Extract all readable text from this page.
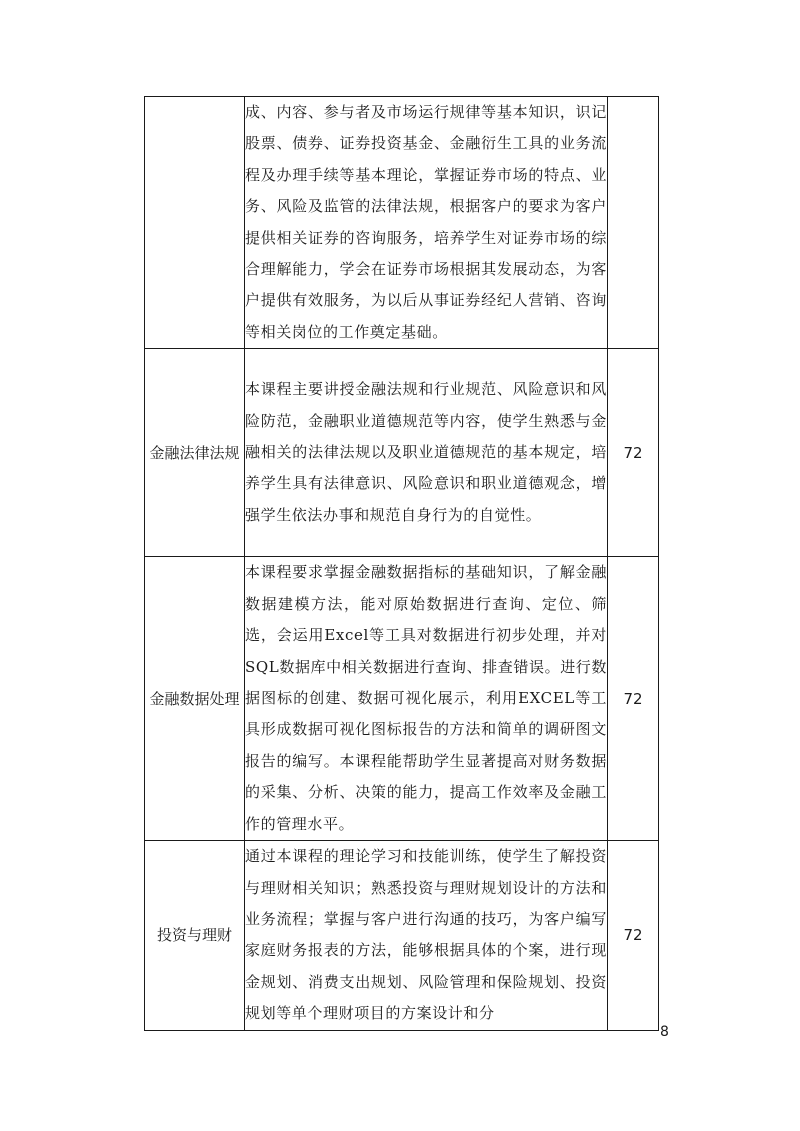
	成、内容、参与者及市场运行规律等基本知识，识记股票、债券、证券投资基金、金融衍生工具的业务流程及办理手续等基本理论，掌握证券市场的特点、业务、风险及监管的法律法规，根据客户的要求为客户提供相关证券的咨询服务，培养学生对证券市场的综合理解能力，学会在证券市场根据其发展动态，为客户提供有效服务，为以后从事证券经纪人营销、咨询等相关岗位的工作奠定基础。	
金融法律法规	本课程主要讲授金融法规和行业规范、风险意识和风险防范，金融职业道德规范等内容，使学生熟悉与金融相关的法律法规以及职业道德规范的基本规定，培养学生具有法律意识、风险意识和职业道德观念，增强学生依法办事和规范自身行为的自觉性。	72
金融数据处理	本课程要求掌握金融数据指标的基础知识，了解金融数据建模方法，能对原始数据进行查询、定位、筛选，会运用Excel等工具对数据进行初步处理，并对SQL数据库中相关数据进行查询、排查错误。进行数据图标的创建、数据可视化展示，利用EXCEL等工具形成数据可视化图标报告的方法和简单的调研图文报告的编写。本课程能帮助学生显著提高对财务数据的采集、分析、决策的能力，提高工作效率及金融工作的管理水平。	72
投资与理财	通过本课程的理论学习和技能训练，使学生了解投资与理财相关知识；熟悉投资与理财规划设计的方法和业务流程；掌握与客户进行沟通的技巧，为客户编写家庭财务报表的方法，能够根据具体的个案，进行现金规划、消费支出规划、风险管理和保险规划、投资规划等单个理财项目的方案设计和分	72
8
